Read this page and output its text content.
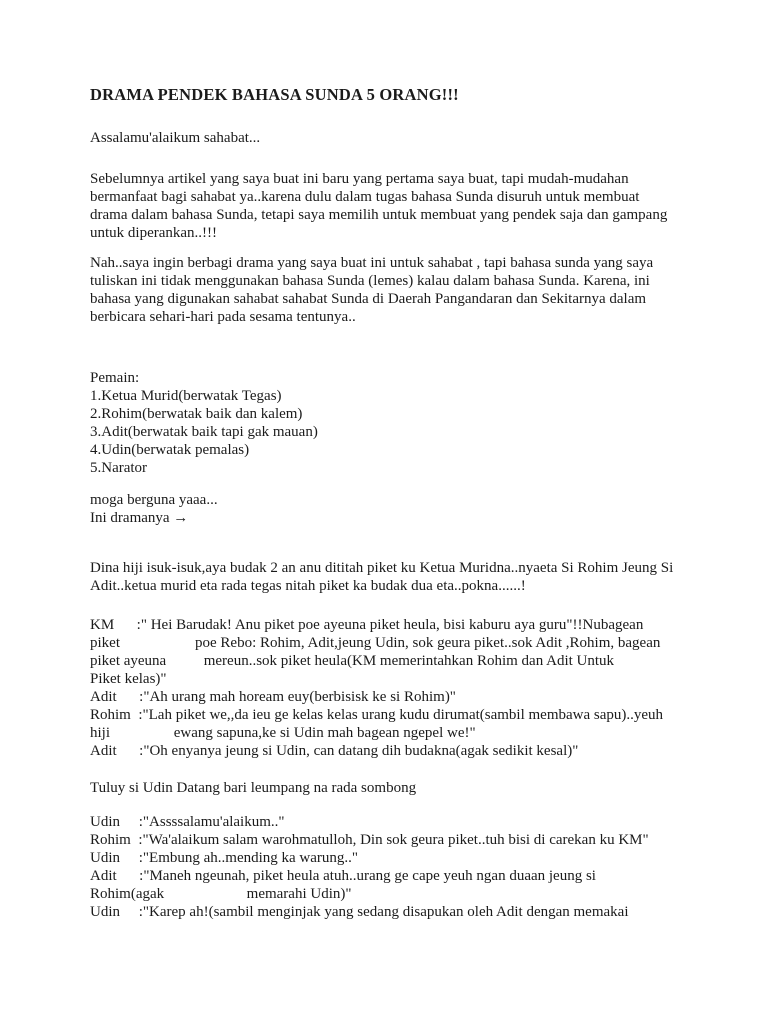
DRAMA PENDEK BAHASA SUNDA 5 ORANG!!!
Assalamu'alaikum sahabat...
Sebelumnya artikel yang saya buat ini baru yang pertama saya buat, tapi mudah-mudahan
bermanfaat bagi sahabat ya..karena dulu dalam tugas bahasa Sunda disuruh untuk membuat
drama dalam bahasa Sunda, tetapi saya memilih untuk membuat yang pendek saja dan gampang
untuk diperankan..!!!
Nah..saya ingin berbagi drama yang saya buat ini untuk sahabat , tapi bahasa sunda yang saya
tuliskan ini tidak menggunakan bahasa Sunda (lemes) kalau dalam bahasa Sunda. Karena, ini
bahasa yang digunakan sahabat sahabat Sunda di Daerah Pangandaran dan Sekitarnya dalam
berbicara sehari-hari pada sesama tentunya..
Pemain:
1.Ketua Murid(berwatak Tegas)
2.Rohim(berwatak baik dan kalem)
3.Adit(berwatak baik tapi gak mauan)
4.Udin(berwatak pemalas)
5.Narator
moga berguna yaaa...
Ini dramanya →
Dina hiji isuk-isuk,aya budak 2 an anu dititah piket ku Ketua Muridna..nyaeta Si Rohim Jeung Si
Adit..ketua murid eta rada tegas nitah piket ka budak dua eta..pokna......!
KM      :" Hei Barudak! Anu piket poe ayeuna piket heula, bisi kaburu aya guru"!!Nubagean
piket                    poe Rebo: Rohim, Adit,jeung Udin, sok geura piket..sok Adit ,Rohim, bagean
piket ayeuna          mereun..sok piket heula(KM memerintahkan Rohim dan Adit Untuk
Piket kelas)"
Adit      :"Ah urang mah hoream euy(berbisisk ke si Rohim)"
Rohim  :"Lah piket we,,da ieu ge kelas kelas urang kudu dirumat(sambil membawa sapu)..yeuh
hiji                 ewang sapuna,ke si Udin mah bagean ngepel we!"
Adit      :"Oh enyanya jeung si Udin, can datang dih budakna(agak sedikit kesal)"
Tuluy si Udin Datang bari leumpang na rada sombong
Udin     :"Assssalamu'alaikum.."
Rohim  :"Wa'alaikum salam warohmatulloh, Din sok geura piket..tuh bisi di carekan ku KM"
Udin     :"Embung ah..mending ka warung.."
Adit      :"Maneh ngeunah, piket heula atuh..urang ge cape yeuh ngan duaan jeung si
Rohim(agak                      memarahi Udin)"
Udin     :"Karep ah!(sambil menginjak yang sedang disapukan oleh Adit dengan memakai
